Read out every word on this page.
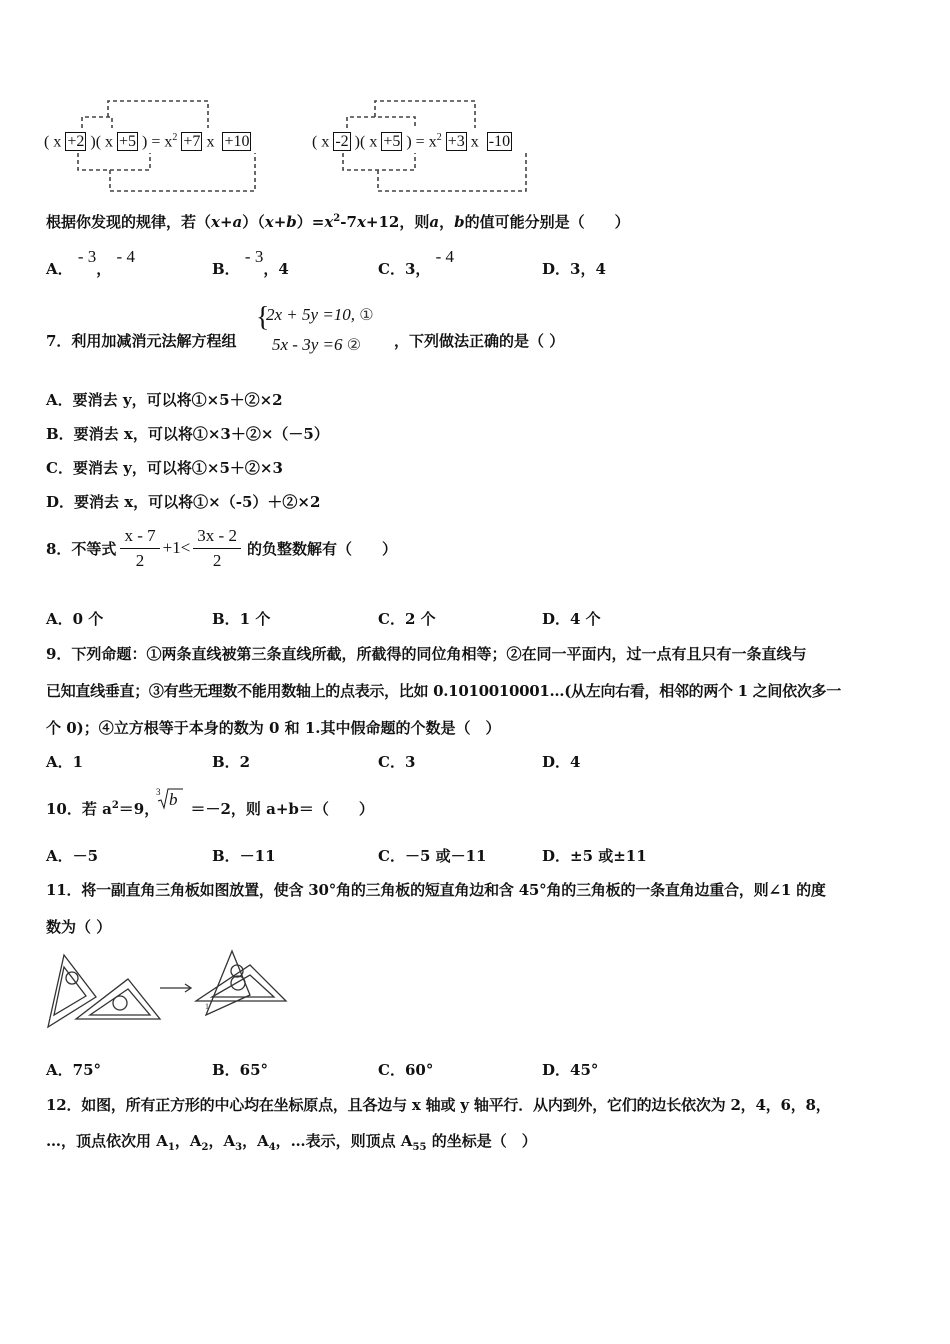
( x +2 )( x +5 ) = $x^2 +7$ x +10	( x -2 )( x +5 ) = $x^2 +3$ x -10
根据你发现的规律，若$(x+a)(x+b)=x^2-7x+12$，则a，b的值可能分别是（　　）
A． - 3， - 4
B． - 3，4	C．3， - 4
D．3，4
7．利用加减消元法解方程组
{
2x + 5y =10, ①
5x - 3y =6 ② ，下列做法正确的是（ ）
A．要消去 y，可以将①×5＋②×2
B．要消去 x，可以将①×3＋②×（－5）
C．要消去 y，可以将①×5＋②×3
D．要消去 x，可以将①×（-5）＋②×2
8．不等式 $\frac{x - 7}{2} +1< \frac{3x - 2}{2}$ 的负整数解有（　　）
A．0 个	B．1 个	C．2 个	D．4 个
9．下列命题：①两条直线被第三条直线所截，所截得的同位角相等；②在同一平面内，过一点有且只有一条直线与
已知直线垂直；③有些无理数不能用数轴上的点表示，比如 0.1010010001…(从左向右看，相邻的两个 1 之间依次多一
个 0)；④立方根等于本身的数为 0 和 1.其中假命题的个数是（　）
A．1	B．2	C．3	D．4
10．若 $a^2=9$， ＝－2，则 a+b＝（　　）
3 b
A．－5	B．－11	C．－5 或－11	D．±5 或±11
11．将一副直角三角板如图放置，使含 30°角的三角板的短直角边和含 45°角的三角板的一条直角边重合，则∠1 的度
数为（ ）
1
A．75°	B．65°	C．60°	D．45°
12．如图，所有正方形的中心均在坐标原点，且各边与 x 轴或 y 轴平行．从内到外，它们的边长依次为 2，4，6，8，
…，顶点依次用 $A_1$，$A_2$，$A_3$，$A_4$，…表示，则顶点 $A_{55}$ 的坐标是（　）
